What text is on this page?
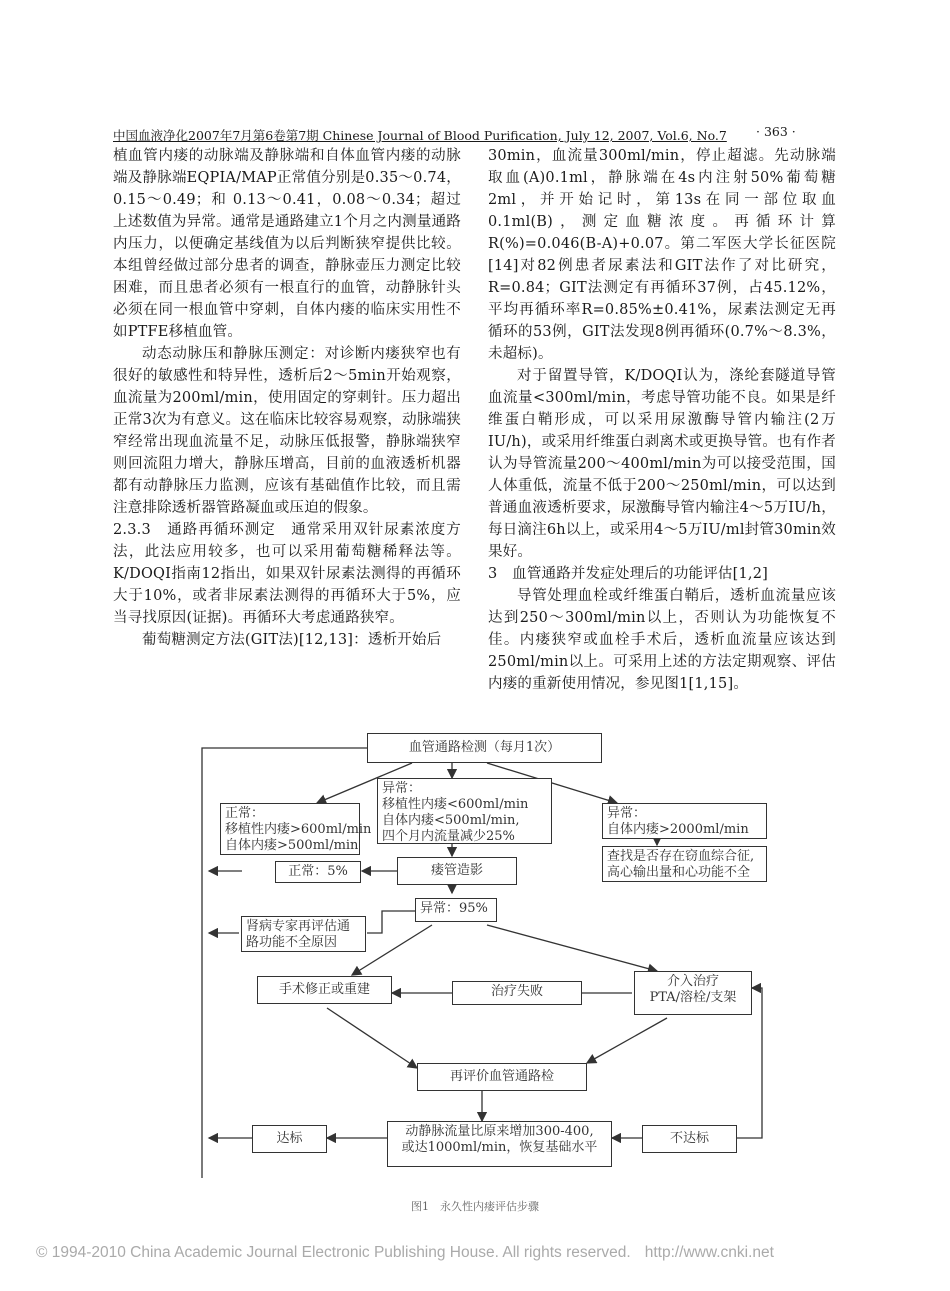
中国血液净化2007年7月第6卷第7期 Chinese Journal of Blood Purification, July 12, 2007, Vol.6, No.7 · 363 ·

植血管内瘘的动脉端及静脉端和自体血管内瘘的动脉端及静脉端EQPIA/MAP正常值分别是0.35～0.74，0.15～0.49；和 0.13～0.41，0.08～0.34；超过上述数值为异常。通常是通路建立1个月之内测量通路内压力，以便确定基线值为以后判断狭窄提供比较。本组曾经做过部分患者的调查，静脉壶压力测定比较困难，而且患者必须有一根直行的血管，动静脉针头必须在同一根血管中穿刺，自体内瘘的临床实用性不如PTFE移植血管。

动态动脉压和静脉压测定：对诊断内瘘狭窄也有很好的敏感性和特异性，透析后2～5min开始观察，血流量为200ml/min，使用固定的穿刺针。压力超出正常3次为有意义。这在临床比较容易观察，动脉端狭窄经常出现血流量不足，动脉压低报警，静脉端狭窄则回流阻力增大，静脉压增高，目前的血液透析机器都有动静脉压力监测，应该有基础值作比较，而且需注意排除透析器管路凝血或压迫的假象。

2.3.3　通路再循环测定　通常采用双针尿素浓度方法，此法应用较多，也可以采用葡萄糖稀释法等。K/DOQI指南12指出，如果双针尿素法测得的再循环大于10%，或者非尿素法测得的再循环大于5%，应当寻找原因(证据)。再循环大考虑通路狭窄。

葡萄糖测定方法(GIT法)[12,13]：透析开始后

30min，血流量300ml/min，停止超滤。先动脉端取血(A)0.1ml，静脉端在4s内注射50%葡萄糖2ml，并开始记时，第13s在同一部位取血0.1ml(B)，测定血糖浓度。再循环计算R(%)=0.046(B-A)+0.07。第二军医大学长征医院[14]对82例患者尿素法和GIT法作了对比研究，R=0.84；GIT法测定有再循环37例，占45.12%，平均再循环率R=0.85%±0.41%，尿素法测定无再循环的53例，GIT法发现8例再循环(0.7%～8.3%，未超标)。

对于留置导管，K/DOQI认为，涤纶套隧道导管血流量<300ml/min，考虑导管功能不良。如果是纤维蛋白鞘形成，可以采用尿激酶导管内输注(2万IU/h)，或采用纤维蛋白剥离术或更换导管。也有作者认为导管流量200～400ml/min为可以接受范围，国人体重低，流量不低于200～250ml/min，可以达到普通血液透析要求，尿激酶导管内输注4～5万IU/h，每日滴注6h以上，或采用4～5万IU/ml封管30min效果好。

3　血管通路并发症处理后的功能评估[1,2]

导管处理血栓或纤维蛋白鞘后，透析血流量应该达到250～300ml/min以上，否则认为功能恢复不佳。内瘘狭窄或血栓手术后，透析血流量应该达到250ml/min以上。可采用上述的方法定期观察、评估内瘘的重新使用情况，参见图1[1,15]。

血管通路检测（每月1次）
正常：
移植性内瘘>600ml/min
自体内瘘>500ml/min
异常：
移植性内瘘<600ml/min
自体内瘘<500ml/min,
四个月内流量减少25%
异常：
自体内瘘>2000ml/min
查找是否存在窃血综合征,
高心输出量和心功能不全
正常：5%	瘘管造影
肾病专家再评估通
路功能不全原因
异常：95%
手术修正或重建	治疗失败
介入治疗
PTA/溶栓/支架
再评价血管通路检
达标	动静脉流量比原来增加300-400,
或达1000ml/min，恢复基础水平
不达标
图1　永久性内瘘评估步骤
© 1994-2010 China Academic Journal Electronic Publishing House. All rights reserved. http://www.cnki.net
